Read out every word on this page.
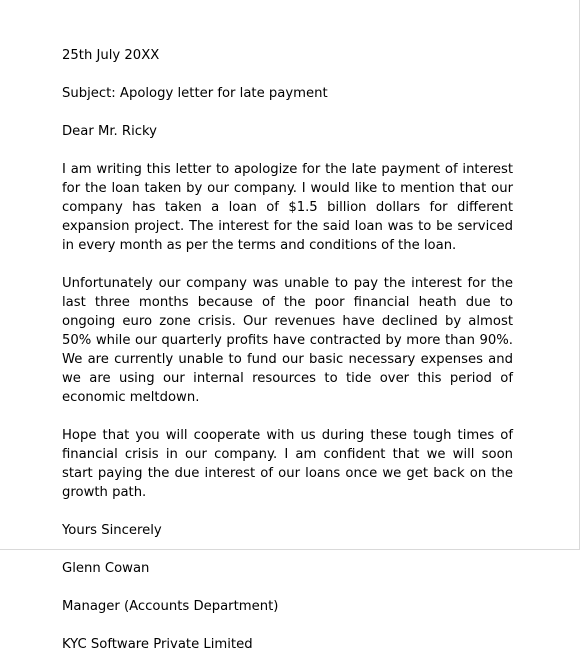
25th July 20XX

Subject: Apology letter for late payment

Dear Mr. Ricky

I am writing this letter to apologize for the late payment of interest for the loan taken by our company. I would like to mention that our company has taken a loan of $1.5 billion dollars for different expansion project. The interest for the said loan was to be serviced in every month as per the terms and conditions of the loan.

Unfortunately our company was unable to pay the interest for the last three months because of the poor financial heath due to ongoing euro zone crisis. Our revenues have declined by almost 50% while our quarterly profits have contracted by more than 90%. We are currently unable to fund our basic necessary expenses and we are using our internal resources to tide over this period of economic meltdown.

Hope that you will cooperate with us during these tough times of financial crisis in our company. I am confident that we will soon start paying the due interest of our loans once we get back on the growth path.

Yours Sincerely

Glenn Cowan

Manager (Accounts Department)

KYC Software Private Limited
